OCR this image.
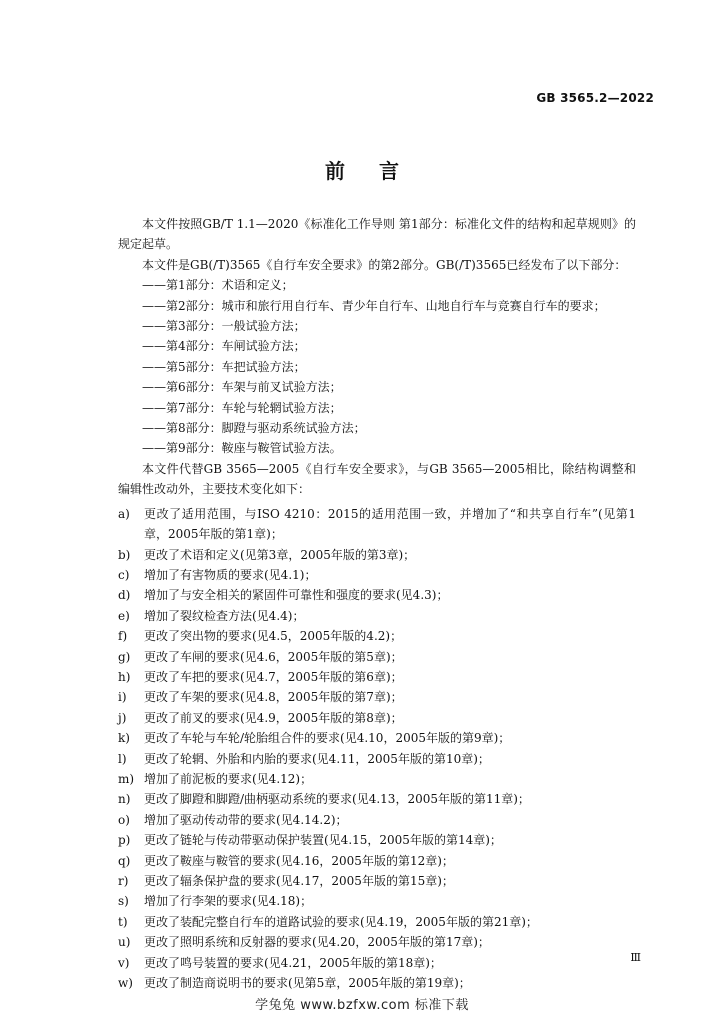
GB 3565.2—2022
前言

本文件按照GB/T 1.1—2020《标准化工作导则 第1部分：标准化文件的结构和起草规则》的规定起草。

本文件是GB(/T)3565《自行车安全要求》的第2部分。GB(/T)3565已经发布了以下部分：

——第1部分：术语和定义；

——第2部分：城市和旅行用自行车、青少年自行车、山地自行车与竞赛自行车的要求；

——第3部分：一般试验方法；

——第4部分：车闸试验方法；

——第5部分：车把试验方法；

——第6部分：车架与前叉试验方法；

——第7部分：车轮与轮辋试验方法；

——第8部分：脚蹬与驱动系统试验方法；

——第9部分：鞍座与鞍管试验方法。

本文件代替GB 3565—2005《自行车安全要求》，与GB 3565—2005相比，除结构调整和编辑性改动外，主要技术变化如下：

a)	更改了适用范围，与ISO 4210：2015的适用范围一致，并增加了“和共享自行车”(见第1章，2005年版的第1章)；
b)	更改了术语和定义(见第3章，2005年版的第3章)；
c)	增加了有害物质的要求(见4.1)；
d)	增加了与安全相关的紧固件可靠性和强度的要求(见4.3)；
e)	增加了裂纹检查方法(见4.4)；
f)	更改了突出物的要求(见4.5，2005年版的4.2)；
g)	更改了车闸的要求(见4.6，2005年版的第5章)；
h)	更改了车把的要求(见4.7，2005年版的第6章)；
i)	更改了车架的要求(见4.8，2005年版的第7章)；
j)	更改了前叉的要求(见4.9，2005年版的第8章)；
k)	更改了车轮与车轮/轮胎组合件的要求(见4.10，2005年版的第9章)；
l)	更改了轮辋、外胎和内胎的要求(见4.11，2005年版的第10章)；
m) 增加了前泥板的要求(见4.12)；
n)	更改了脚蹬和脚蹬/曲柄驱动系统的要求(见4.13，2005年版的第11章)；
o)	增加了驱动传动带的要求(见4.14.2)；
p)	更改了链轮与传动带驱动保护装置(见4.15，2005年版的第14章)；
q)	更改了鞍座与鞍管的要求(见4.16，2005年版的第12章)；
r)	更改了辐条保护盘的要求(见4.17，2005年版的第15章)；
s)	增加了行李架的要求(见4.18)；
t)	更改了装配完整自行车的道路试验的要求(见4.19，2005年版的第21章)；
u)	更改了照明系统和反射器的要求(见4.20，2005年版的第17章)；
v)	更改了鸣号装置的要求(见4.21，2005年版的第18章)；
w) 更改了制造商说明书的要求(见第5章，2005年版的第19章)；
Ⅲ
学兔兔 www.bzfxw.com 标准下载
